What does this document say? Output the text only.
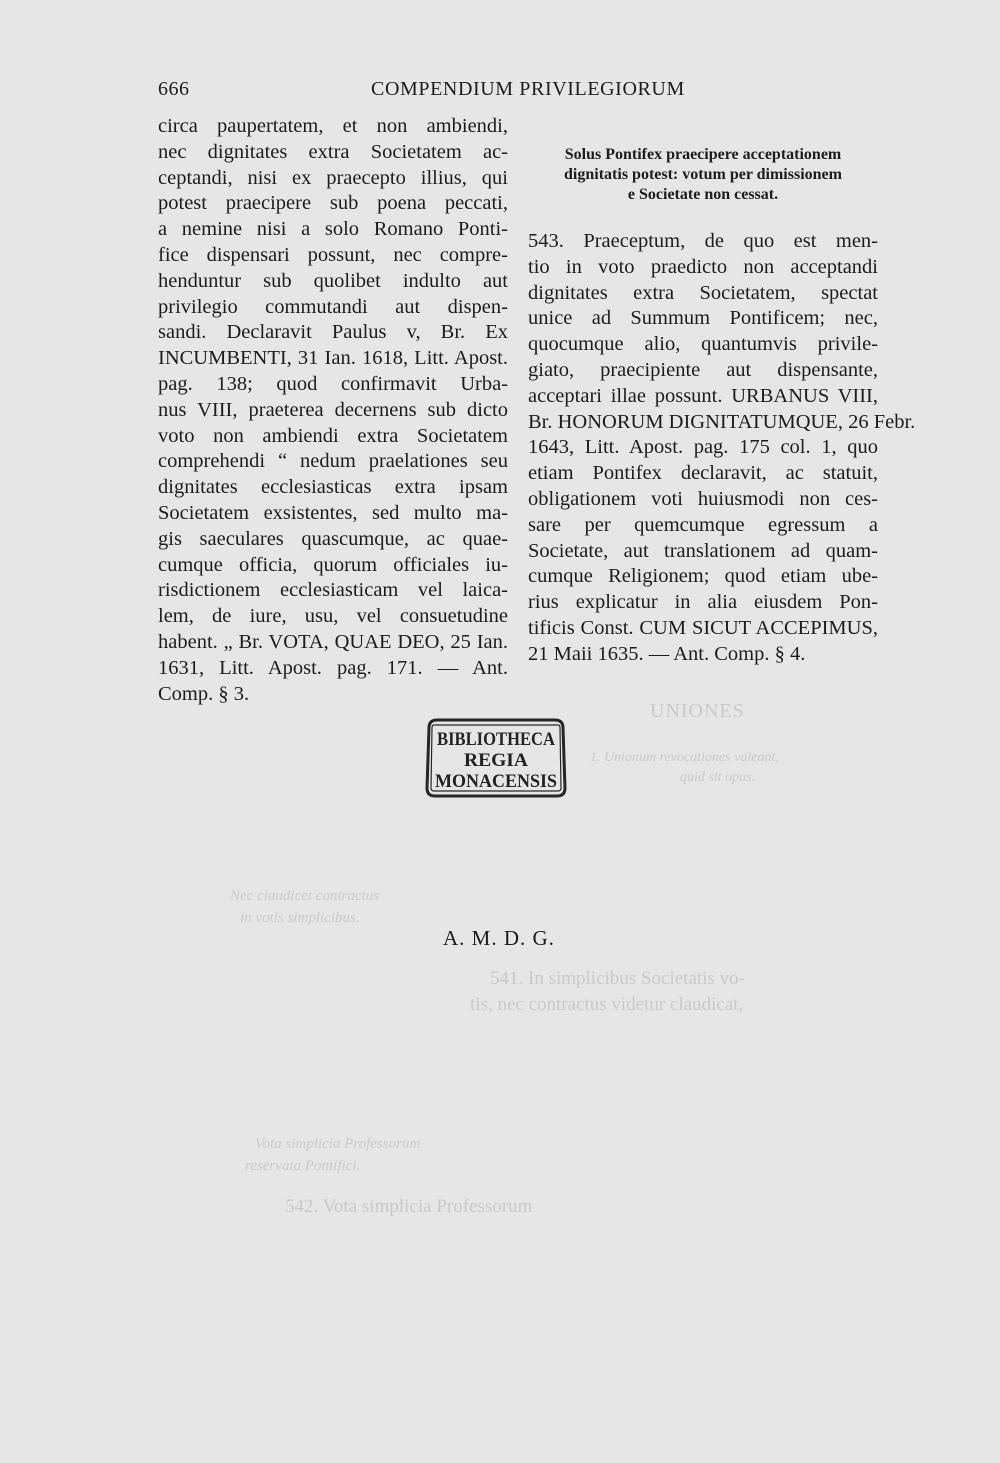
UNIONES
Nec claudicet contractus
in votis simplicibus.
541. In simplicibus Societatis vo-
tis, nec contractus videtur claudicat,
Vota simplicia Professorum
reservata Pontifici.
542. Vota simplicia Professorum
1. Unionum revocationes valeant,
quid sit opus.
666	COMPENDIUM PRIVILEGIORUM
circa paupertatem, et non ambiendi,
nec dignitates extra Societatem ac-
ceptandi, nisi ex praecepto illius, qui
potest praecipere sub poena peccati,
a nemine nisi a solo Romano Ponti-
fice dispensari possunt, nec compre-
henduntur sub quolibet indulto aut
privilegio commutandi aut dispen-
sandi. Declaravit Paulus v, Br. Ex
INCUMBENTI, 31 Ian. 1618, Litt. Apost.
pag. 138; quod confirmavit Urba-
nus VIII, praeterea decernens sub dicto
voto non ambiendi extra Societatem
comprehendi “ nedum praelationes seu
dignitates ecclesiasticas extra ipsam
Societatem exsistentes, sed multo ma-
gis saeculares quascumque, ac quae-
cumque officia, quorum officiales iu-
risdictionem ecclesiasticam vel laica-
lem, de iure, usu, vel consuetudine
habent. „ Br. VOTA, QUAE DEO, 25 Ian.
1631, Litt. Apost. pag. 171. — Ant.
Comp. § 3.
Solus Pontifex praecipere acceptationem
dignitatis potest: votum per dimissionem
e Societate non cessat.
543. Praeceptum, de quo est men-
tio in voto praedicto non acceptandi
dignitates extra Societatem, spectat
unice ad Summum Pontificem; nec,
quocumque alio, quantumvis privile-
giato, praecipiente aut dispensante,
acceptari illae possunt. URBANUS VIII,
Br. HONORUM DIGNITATUMQUE, 26 Febr.
1643, Litt. Apost. pag. 175 col. 1, quo
etiam Pontifex declaravit, ac statuit,
obligationem voti huiusmodi non ces-
sare per quemcumque egressum a
Societate, aut translationem ad quam-
cumque Religionem; quod etiam ube-
rius explicatur in alia eiusdem Pon-
tificis Const. CUM SICUT ACCEPIMUS,
21 Maii 1635. — Ant. Comp. § 4.
BIBLIOTHECA
REGIA
MONACENSIS
A. M. D. G.
